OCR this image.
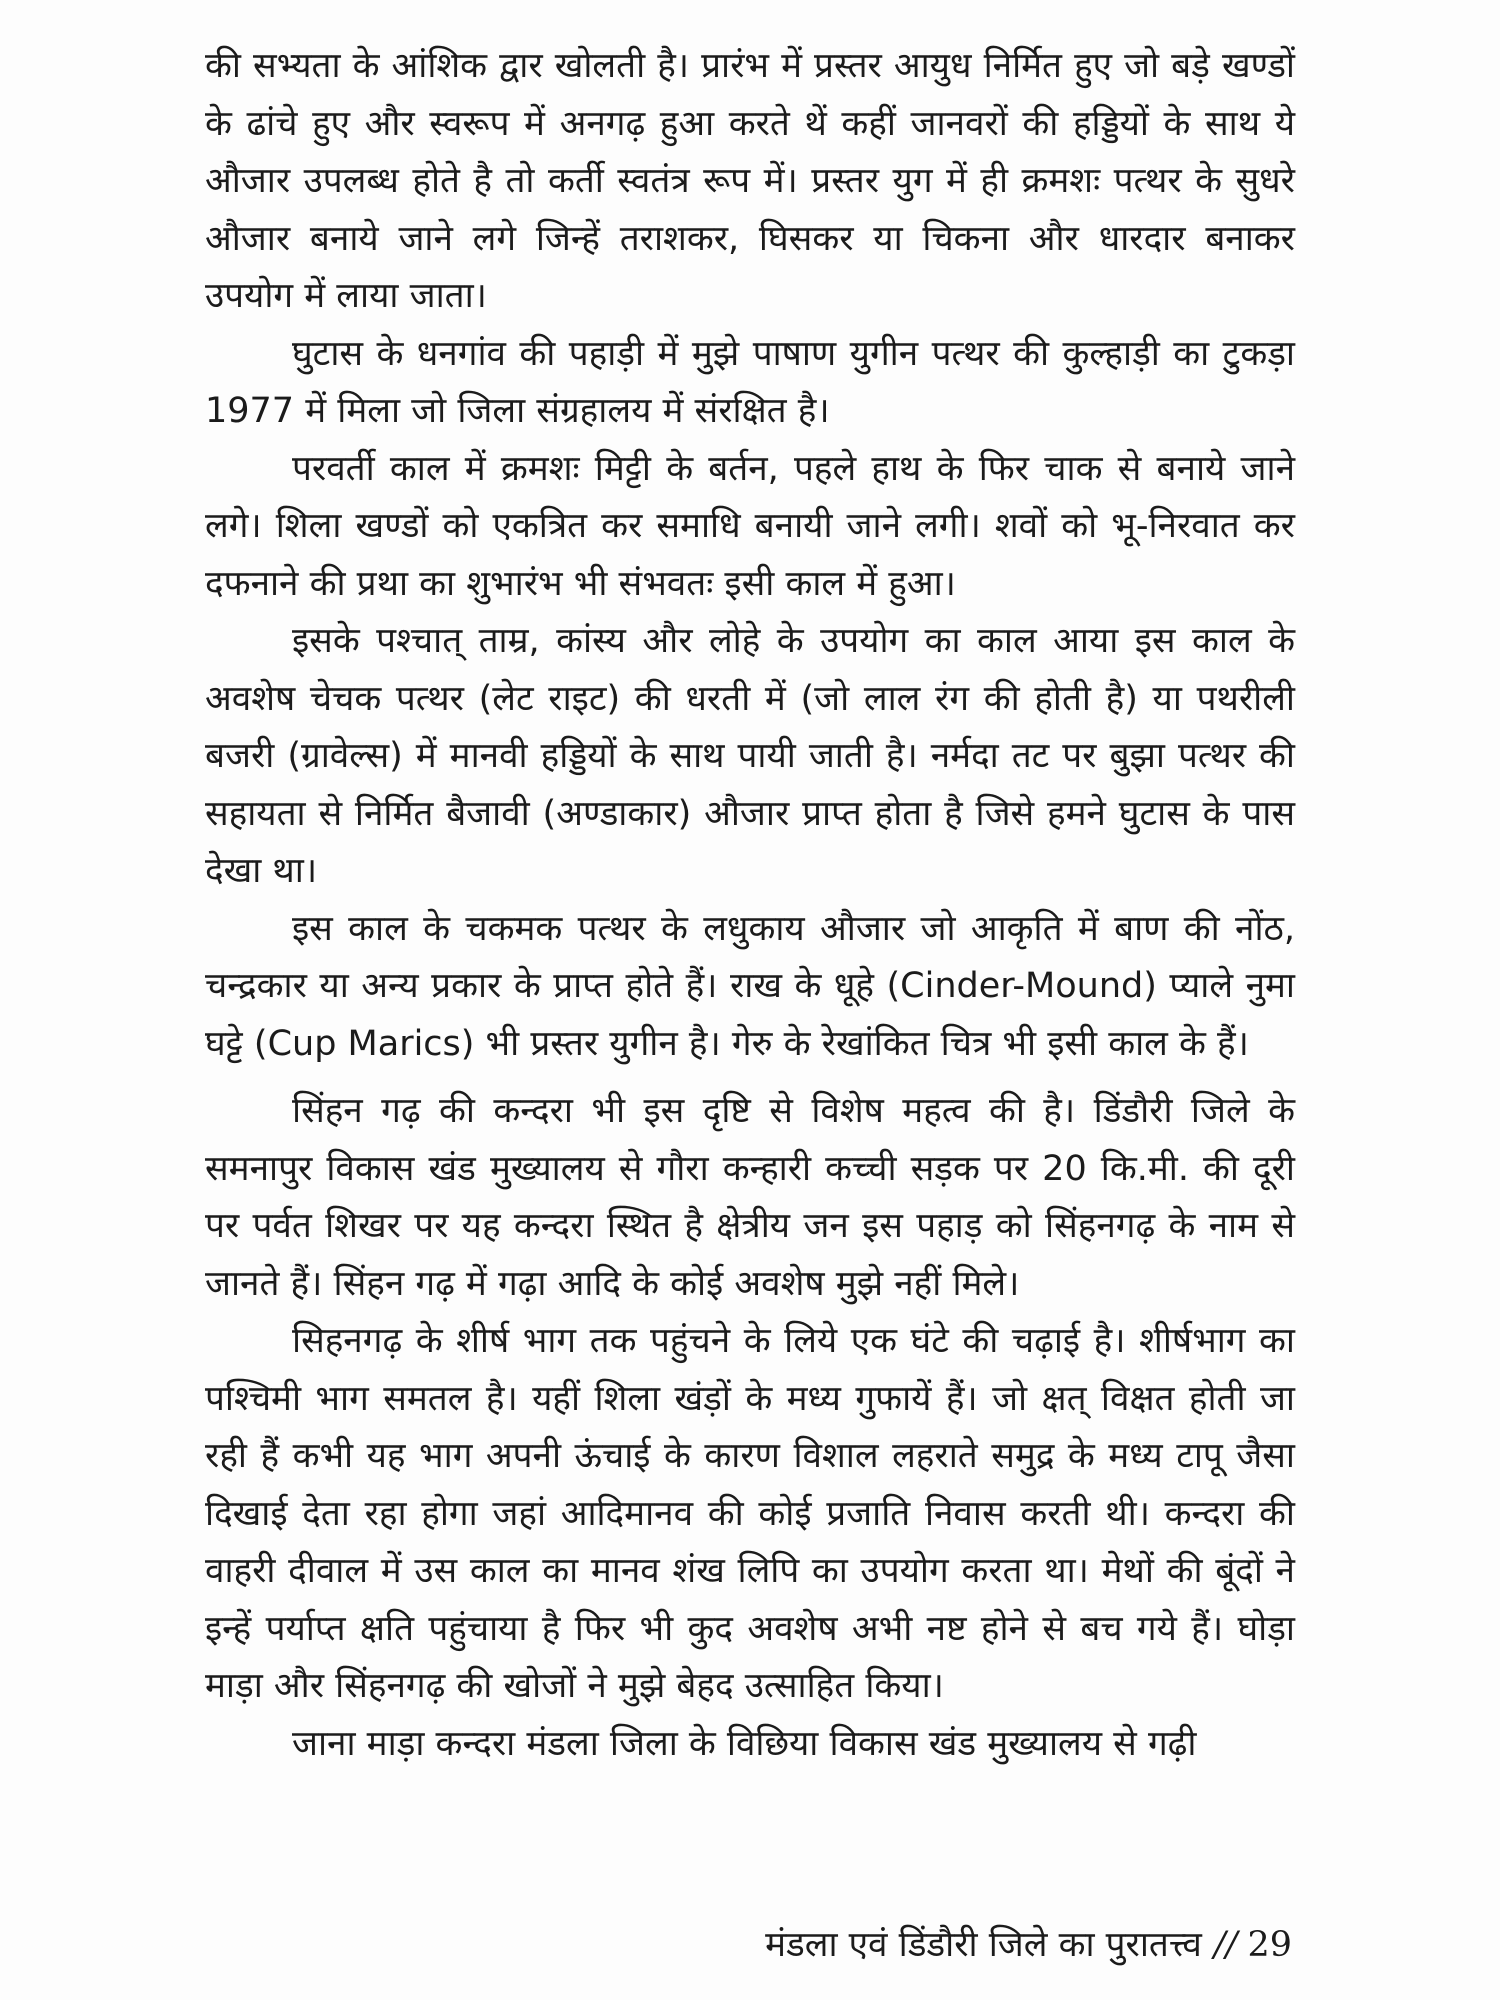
की सभ्यता के आंशिक द्वार खोलती है। प्रारंभ में प्रस्तर आयुध निर्मित हुए जो बड़े खण्डों के ढांचे हुए और स्वरूप में अनगढ़ हुआ करते थें कहीं जानवरों की हड्डियों के साथ ये औजार उपलब्ध होते है तो कर्ती स्वतंत्र रूप में। प्रस्तर युग में ही क्रमशः पत्थर के सुधरे औजार बनाये जाने लगे जिन्हें तराशकर, घिसकर या चिकना और धारदार बनाकर उपयोग में लाया जाता।

घुटास के धनगांव की पहाड़ी में मुझे पाषाण युगीन पत्थर की कुल्हाड़ी का टुकड़ा 1977 में मिला जो जिला संग्रहालय में संरक्षित है।

परवर्ती काल में क्रमशः मिट्टी के बर्तन, पहले हाथ के फिर चाक से बनाये जाने लगे। शिला खण्डों को एकत्रित कर समाधि बनायी जाने लगी। शवों को भू-निरवात कर दफनाने की प्रथा का शुभारंभ भी संभवतः इसी काल में हुआ।

इसके पश्चात् ताम्र, कांस्य और लोहे के उपयोग का काल आया इस काल के अवशेष चेचक पत्थर (लेट राइट) की धरती में (जो लाल रंग की होती है) या पथरीली बजरी (ग्रावेल्स) में मानवी हड्डियों के साथ पायी जाती है। नर्मदा तट पर बुझा पत्थर की सहायता से निर्मित बैजावी (अण्डाकार) औजार प्राप्त होता है जिसे हमने घुटास के पास देखा था।

इस काल के चकमक पत्थर के लधुकाय औजार जो आकृति में बाण की नोंठ, चन्द्रकार या अन्य प्रकार के प्राप्त होते हैं। राख के धूहे (Cinder-Mound) प्याले नुमा घट्टे (Cup Marics) भी प्रस्तर युगीन है। गेरु के रेखांकित चित्र भी इसी काल के हैं।

सिंहन गढ़ की कन्दरा भी इस दृष्टि से विशेष महत्व की है। डिंडौरी जिले के समनापुर विकास खंड मुख्यालय से गौरा कन्हारी कच्ची सड़क पर 20 कि.मी. की दूरी पर पर्वत शिखर पर यह कन्दरा स्थित है क्षेत्रीय जन इस पहाड़ को सिंहनगढ़ के नाम से जानते हैं। सिंहन गढ़ में गढ़ा आदि के कोई अवशेष मुझे नहीं मिले।

सिहनगढ़ के शीर्ष भाग तक पहुंचने के लिये एक घंटे की चढ़ाई है। शीर्षभाग का पश्चिमी भाग समतल है। यहीं शिला खंड़ों के मध्य गुफायें हैं। जो क्षत् विक्षत होती जा रही हैं कभी यह भाग अपनी ऊंचाई के कारण विशाल लहराते समुद्र के मध्य टापू जैसा दिखाई देता रहा होगा जहां आदिमानव की कोई प्रजाति निवास करती थी। कन्दरा की वाहरी दीवाल में उस काल का मानव शंख लिपि का उपयोग करता था। मेथों की बूंदों ने इन्हें पर्याप्त क्षति पहुंचाया है फिर भी कुद अवशेष अभी नष्ट होने से बच गये हैं। घोड़ा माड़ा और सिंहनगढ़ की खोजों ने मुझे बेहद उत्साहित किया।

जाना माड़ा कन्दरा मंडला जिला के विछिया विकास खंड मुख्यालय से गढ़ी

मंडला एवं डिंडौरी जिले का पुरातत्त्व // 29
